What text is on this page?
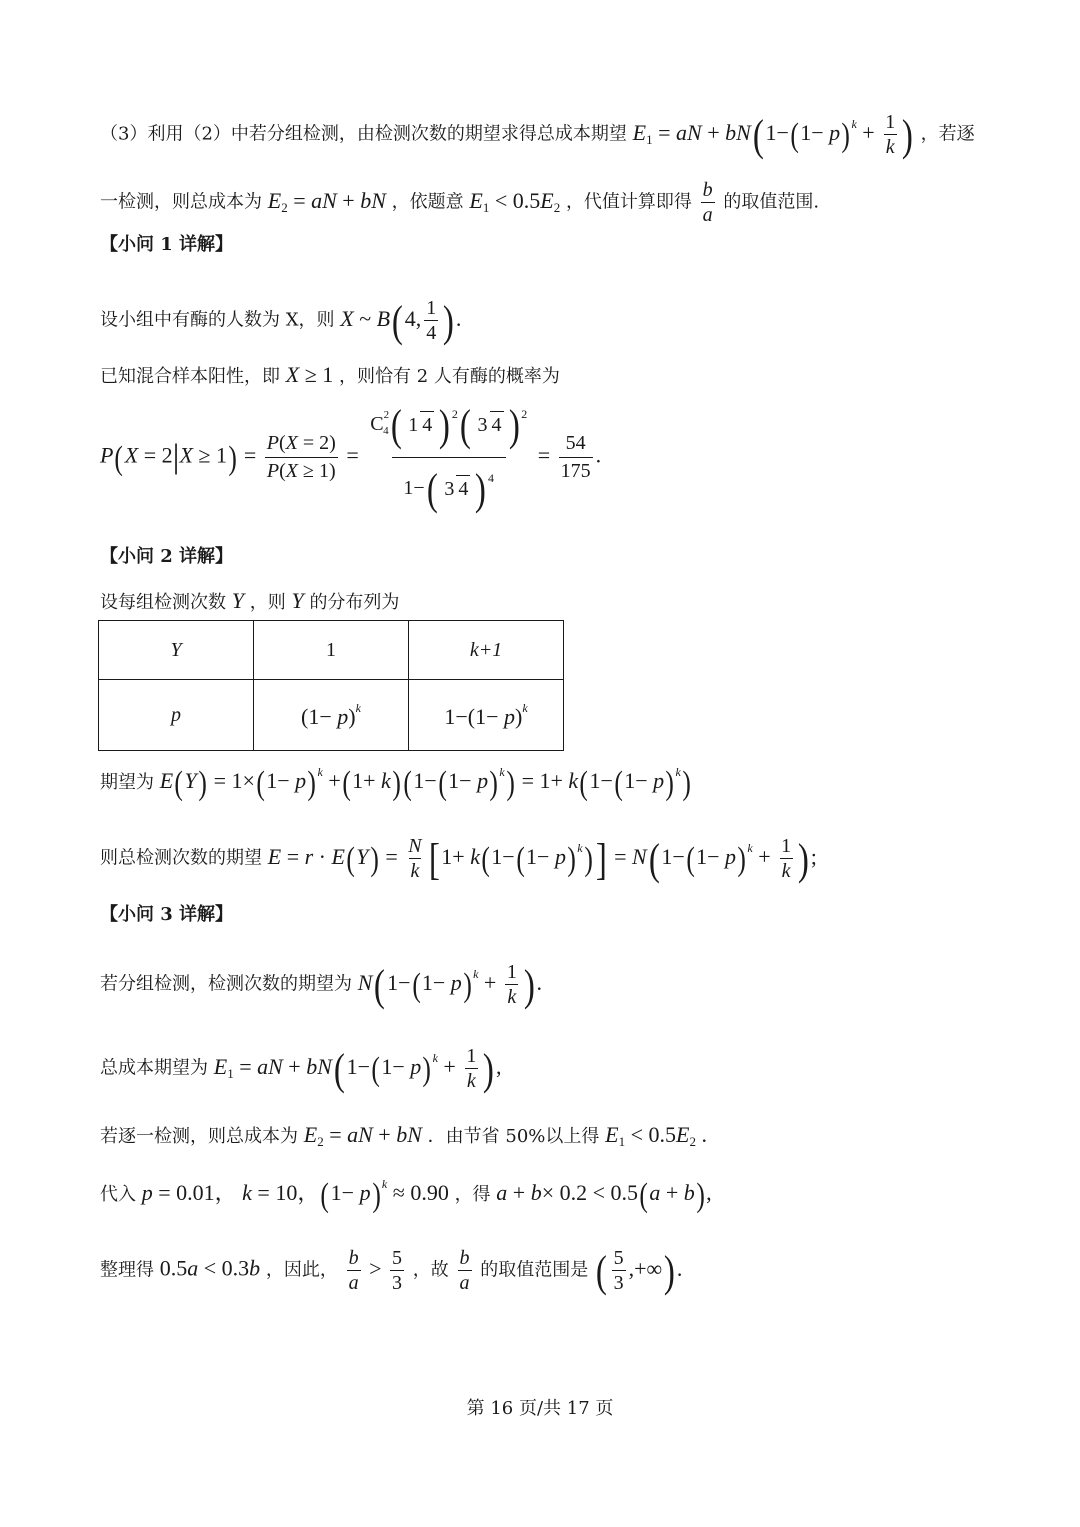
（3）利用（2）中若分组检测，由检测次数的期望求得总成本期望 $E_1$ = aN + $bN(1-(1- p)^k + \frac{1}{k}$ ) ，若逐
一检测，则总成本为 $E_2$ = aN + bN ，依题意 $E_1 < 0.5E_2$ ，代值计算即得 $\frac{b}{a}$ 的取值范围.
【小问 1 详解】
设小组中有酶的人数为 X，则 X ~ B(4, $\frac{1}{4}$ ).
已知混合样本阳性，即 X ≥ 1 ，则恰有 2 人有酶的概率为
$P(X = 2|X \ge 1) = \frac{P(X = 2)}{P(X \ge 1)} = \frac{C24( 1 4 ) 2( 3 4 ) 2}{1-( 3 4 ) 4} = \frac{54}{175}$ .
【小问 2 详解】
设每组检测次数 Y ，则 Y 的分布列为
Y	1	k+1
p	$(1- p)^k$	$1-(1- p)^k$
期望为 $E(Y) = 1\times(1- p)^k +(1+ k)(1-(1- p)^k) = 1+ k(1-(1- p)^k)$
则总检测次数的期望 $E = r \cdot E(Y) = \frac{N}{k} [1+ k(1-(1- p)^k)] = N(1-(1- p)^k + \frac{1}{k}$ );
【小问 3 详解】
若分组检测，检测次数的期望为 $N(1-(1- p)^k + \frac{1}{k}$ ).
总成本期望为 $E_1$ = aN + $bN(1-(1- p)^k + \frac{1}{k}$ ),
若逐一检测，则总成本为 $E_2$ = aN + bN ．由节省 50%以上得 $E_1 < 0.5E_2$ .
代入 p = 0.01， k = 10，$(1- p)^k \approx 0.90$ ，得 a + b× 0.2 < 0.5(a + b),
整理得 0.5a < 0.3b ，因此， $\frac{b}{a} > \frac{5}{3}$ ，故 $\frac{b}{a}$ 的取值范围是 ( $\frac{5}{3}$ ,+∞).
第 16 页/共 17 页
